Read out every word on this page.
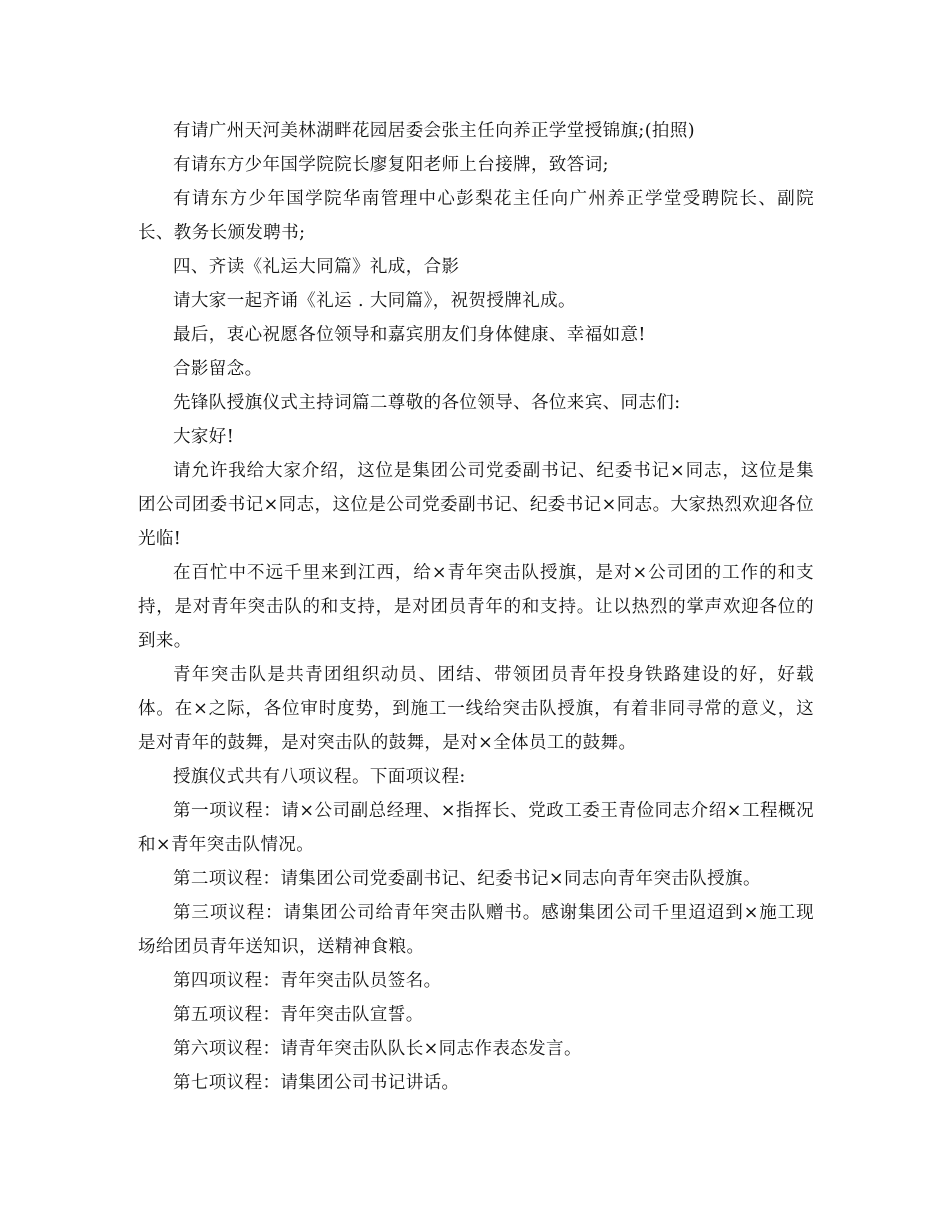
有请广州天河美林湖畔花园居委会张主任向养正学堂授锦旗;(拍照)

有请东方少年国学院院长廖复阳老师上台接牌，致答词;

有请东方少年国学院华南管理中心彭梨花主任向广州养正学堂受聘院长、副院长、教务长颁发聘书;

四、齐读《礼运大同篇》礼成，合影

请大家一起齐诵《礼运 . 大同篇》，祝贺授牌礼成。

最后，衷心祝愿各位领导和嘉宾朋友们身体健康、幸福如意!

合影留念。

先锋队授旗仪式主持词篇二尊敬的各位领导、各位来宾、同志们:

大家好!

请允许我给大家介绍，这位是集团公司党委副书记、纪委书记×同志，这位是集团公司团委书记×同志，这位是公司党委副书记、纪委书记×同志。大家热烈欢迎各位光临!

在百忙中不远千里来到江西，给×青年突击队授旗，是对×公司团的工作的和支持，是对青年突击队的和支持，是对团员青年的和支持。让以热烈的掌声欢迎各位的到来。

青年突击队是共青团组织动员、团结、带领团员青年投身铁路建设的好，好载体。在×之际，各位审时度势，到施工一线给突击队授旗，有着非同寻常的意义，这是对青年的鼓舞，是对突击队的鼓舞，是对×全体员工的鼓舞。

授旗仪式共有八项议程。下面项议程:

第一项议程：请×公司副总经理、×指挥长、党政工委王青俭同志介绍×工程概况和×青年突击队情况。

第二项议程：请集团公司党委副书记、纪委书记×同志向青年突击队授旗。

第三项议程：请集团公司给青年突击队赠书。感谢集团公司千里迢迢到×施工现场给团员青年送知识，送精神食粮。

第四项议程：青年突击队员签名。

第五项议程：青年突击队宣誓。

第六项议程：请青年突击队队长×同志作表态发言。

第七项议程：请集团公司书记讲话。
